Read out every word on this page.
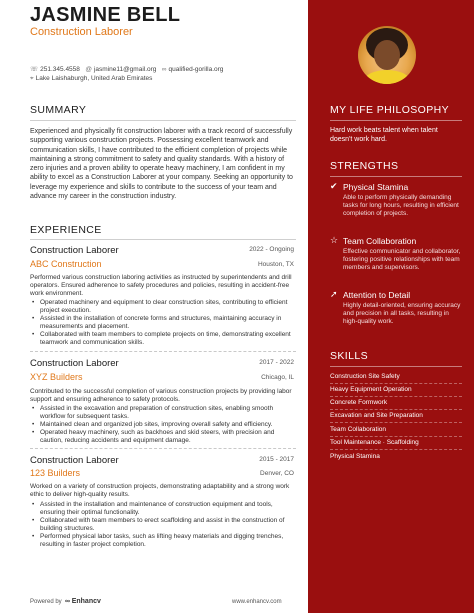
JASMINE BELL
Construction Laborer
☏ 251.345.4558 @ jasmine11@gmail.org ∞ qualified-gorilla.org
⌖ Lake Laishaburgh, United Arab Emirates
SUMMARY

Experienced and physically fit construction laborer with a track record of successfully supporting various construction projects. Possessing excellent teamwork and communication skills, I have contributed to the efficient completion of projects while maintaining a strong commitment to safety and quality standards. With a history of zero injuries and a proven ability to operate heavy machinery, I am confident in my ability to excel as a Construction Laborer at your company. Seeking an opportunity to leverage my experience and skills to contribute to the success of your team and advance my career in the construction industry.

EXPERIENCE
Construction Laborer	2022 - Ongoing
ABC Construction	Houston, TX

Performed various construction laboring activities as instructed by superintendents and drill operators. Ensured adherence to safety procedures and policies, resulting in accident-free work environment.

• Operated machinery and equipment to clear construction sites, contributing to efficient project execution.
• Assisted in the installation of concrete forms and structures, maintaining accuracy in measurements and placement.
• Collaborated with team members to complete projects on time, demonstrating excellent teamwork and communication skills.
Construction Laborer	2017 - 2022
XYZ Builders	Chicago, IL

Contributed to the successful completion of various construction projects by providing labor support and ensuring adherence to safety protocols.

• Assisted in the excavation and preparation of construction sites, enabling smooth workflow for subsequent tasks.
• Maintained clean and organized job sites, improving overall safety and efficiency.
• Operated heavy machinery, such as backhoes and skid steers, with precision and caution, reducing accidents and equipment damage.
Construction Laborer	2015 - 2017
123 Builders	Denver, CO

Worked on a variety of construction projects, demonstrating adaptability and a strong work ethic to deliver high-quality results.

• Assisted in the installation and maintenance of construction equipment and tools, ensuring their optimal functionality.
• Collaborated with team members to erect scaffolding and assist in the construction of building structures.
• Performed physical labor tasks, such as lifting heavy materials and digging trenches, resulting in faster project completion.
Powered by ∞ Enhancv	www.enhancv.com
MY LIFE PHILOSOPHY

Hard work beats talent when talent doesn't work hard.

STRENGTHS
✔ Physical Stamina

Able to perform physically demanding tasks for long hours, resulting in efficient completion of projects.

☆ Team Collaboration

Effective communicator and collaborator, fostering positive relationships with team members and supervisors.

➚ Attention to Detail

Highly detail-oriented, ensuring accuracy and precision in all tasks, resulting in high-quality work.

SKILLS
Construction Site Safety
Heavy Equipment Operation
Concrete Formwork
Excavation and Site Preparation
Team Collaboration
Tool Maintenance · Scaffolding
Physical Stamina
